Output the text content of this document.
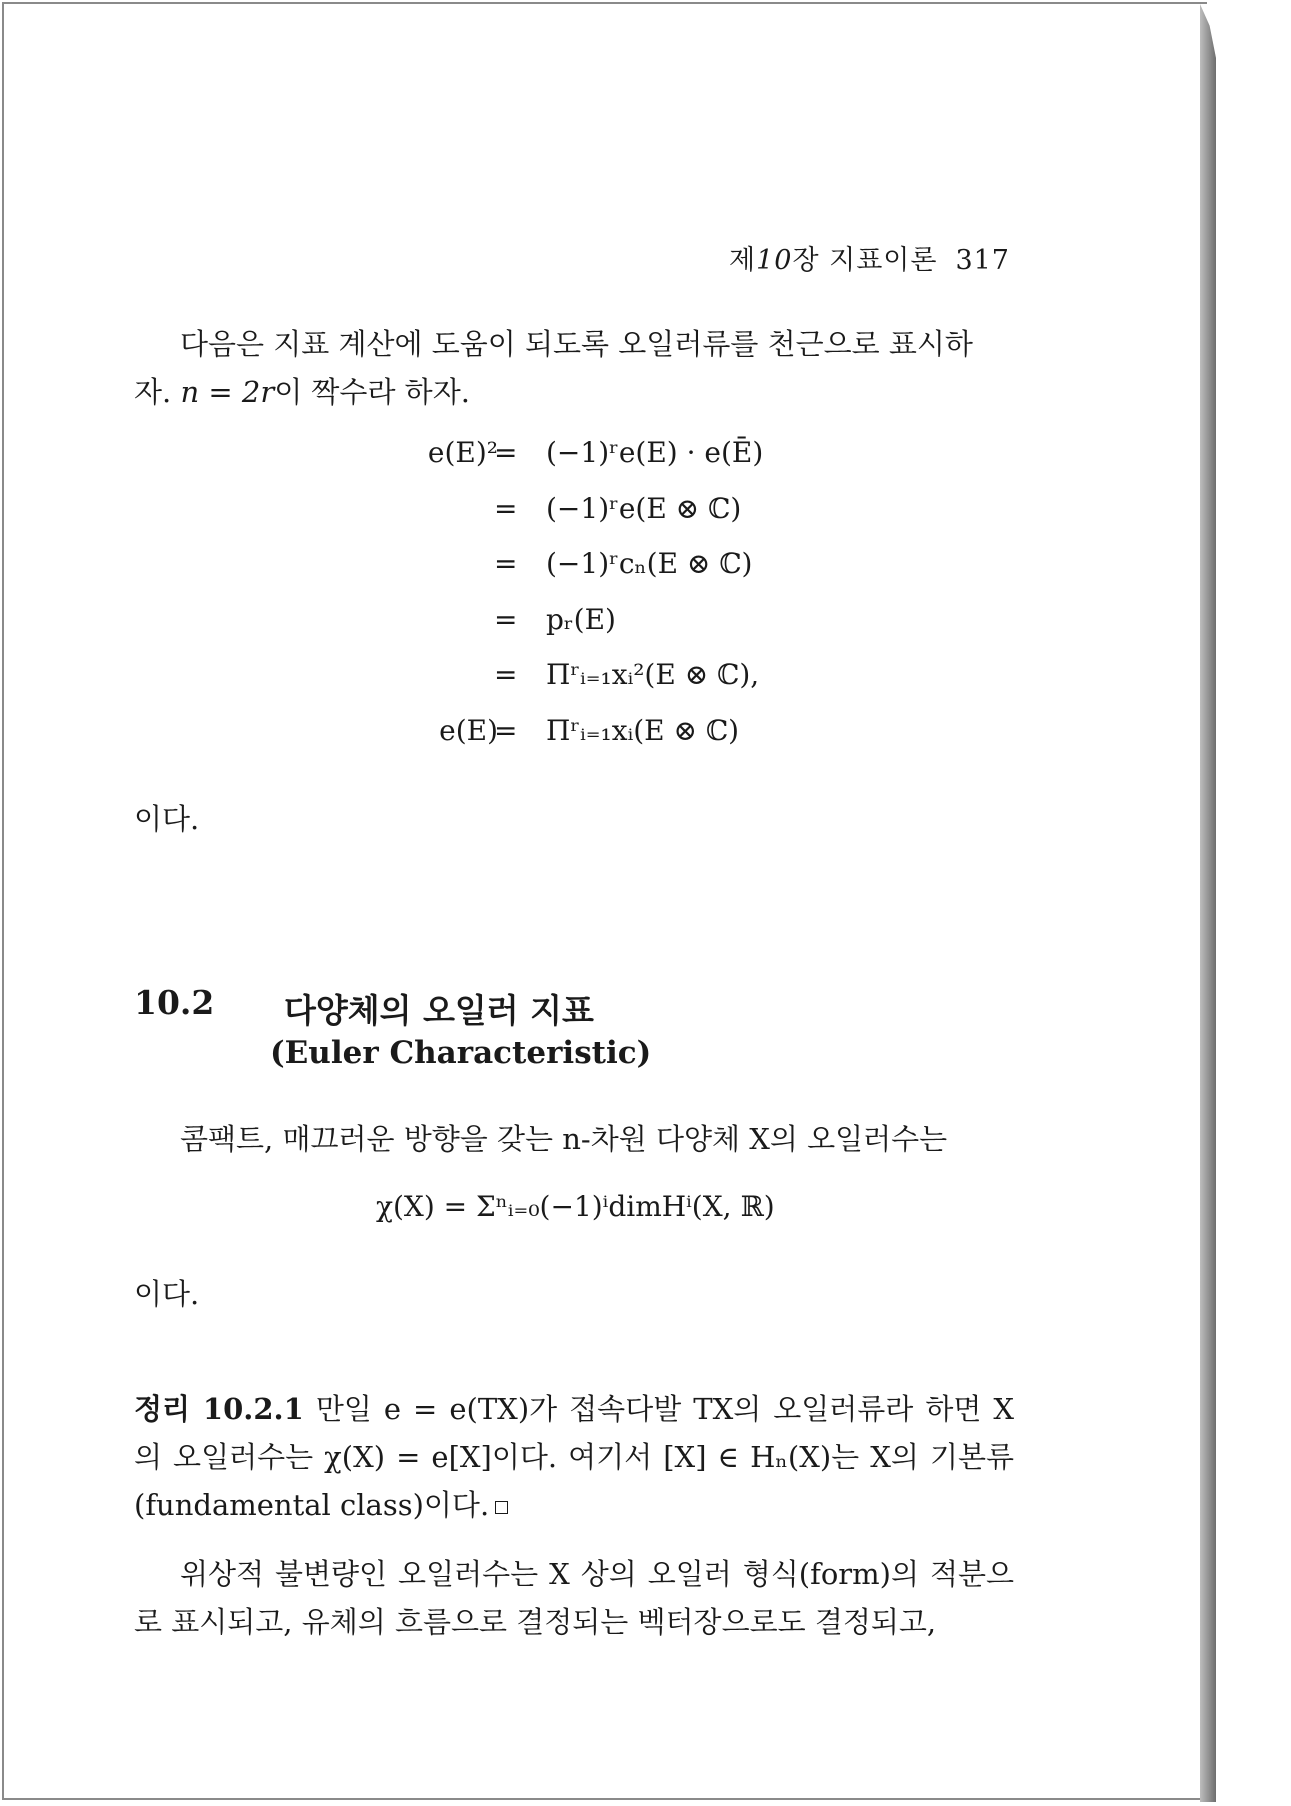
제10장 지표이론 317
다음은 지표 계산에 도움이 되도록 오일러류를 천근으로 표시하
자. n = 2r이 짝수라 하자.
e(E)²
= (−1)ʳe(E) · e(Ē)
= (−1)ʳe(E ⊗ ℂ)
= (−1)ʳcₙ(E ⊗ ℂ)
= pᵣ(E)
= Πʳᵢ₌₁xᵢ²(E ⊗ ℂ),
e(E)
= Πʳᵢ₌₁xᵢ(E ⊗ ℂ)
이다.
10.2 다양체의 오일러 지표
(Euler Characteristic)
콤팩트, 매끄러운 방향을 갖는 n-차원 다양체 X의 오일러수는
χ(X) = Σⁿᵢ₌₀(−1)ⁱdimHⁱ(X, ℝ)
이다.
정리 10.2.1 만일 e = e(TX)가 접속다발 TX의 오일러류라 하면 X의 오일러수는 χ(X) = e[X]이다. 여기서 [X] ∈ Hₙ(X)는 X의 기본류 (fundamental class)이다.
위상적 불변량인 오일러수는 X 상의 오일러 형식(form)의 적분으로 표시되고, 유체의 흐름으로 결정되는 벡터장으로도 결정되고,
